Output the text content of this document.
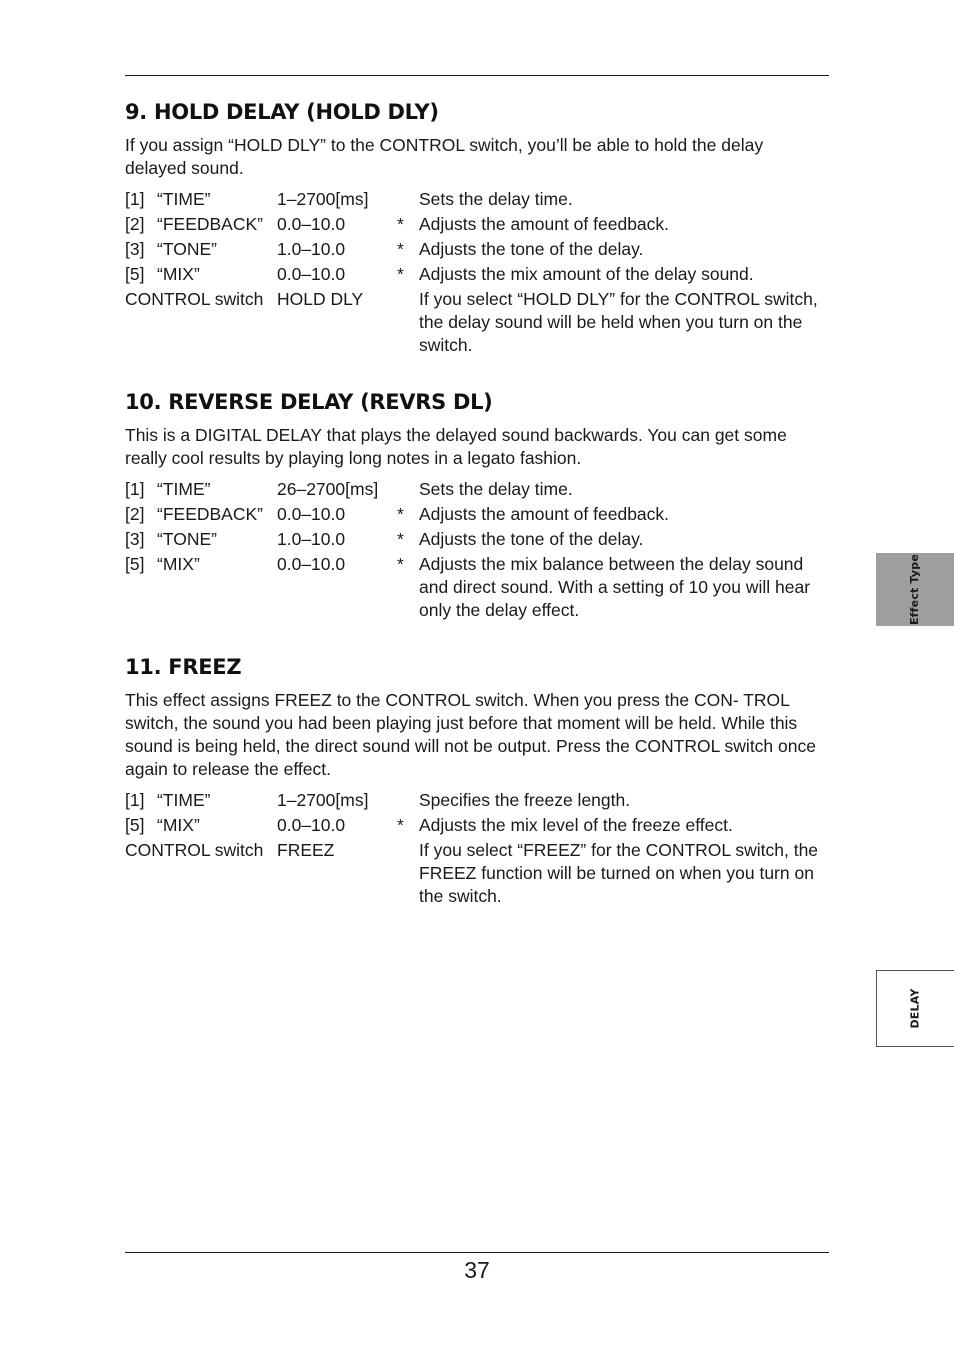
9. HOLD DELAY (HOLD DLY)

If you assign “HOLD DLY” to the CONTROL switch, you’ll be able to hold the delay delayed sound.

[1]	“TIME”	1–2700[ms]		Sets the delay time.
[2]	“FEEDBACK”	0.0–10.0	*	Adjusts the amount of feedback.
[3]	“TONE”	1.0–10.0	*	Adjusts the tone of the delay.
[5]	“MIX”	0.0–10.0	*	Adjusts the mix amount of the delay sound.
CONTROL switch		HOLD DLY		If you select “HOLD DLY” for the CONTROL switch, the delay sound will be held when you turn on the switch.
10. REVERSE DELAY (REVRS DL)

This is a DIGITAL DELAY that plays the delayed sound backwards. You can get some really cool results by playing long notes in a legato fashion.

[1]	“TIME”	26–2700[ms]		Sets the delay time.
[2]	“FEEDBACK”	0.0–10.0	*	Adjusts the amount of feedback.
[3]	“TONE”	1.0–10.0	*	Adjusts the tone of the delay.
[5]	“MIX”	0.0–10.0	*	Adjusts the mix balance between the delay sound and direct sound. With a setting of 10 you will hear only the delay effect.
11. FREEZ

This effect assigns FREEZ to the CONTROL switch. When you press the CON- TROL switch, the sound you had been playing just before that moment will be held. While this sound is being held, the direct sound will not be output. Press the CONTROL switch once again to release the effect.

[1]	“TIME”	1–2700[ms]		Specifies the freeze length.
[5]	“MIX”	0.0–10.0	*	Adjusts the mix level of the freeze effect.
CONTROL switch		FREEZ		If you select “FREEZ” for the CONTROL switch, the FREEZ function will be turned on when you turn on the switch.
Effect Type
DELAY
37
